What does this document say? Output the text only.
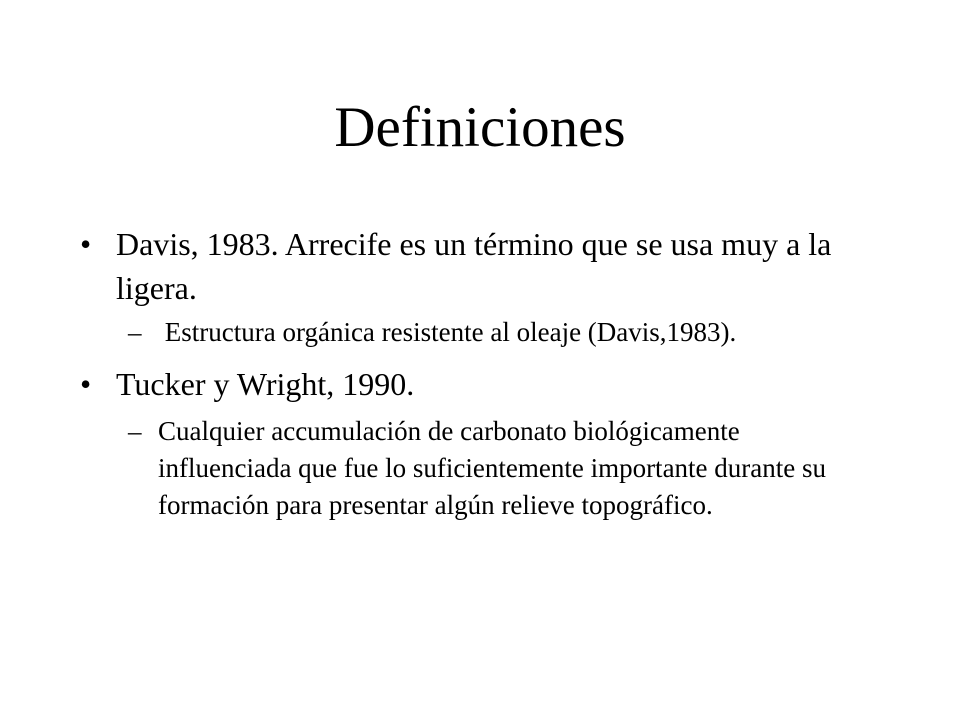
Definiciones
• Davis, 1983. Arrecife es un término que se usa muy a la ligera.
– Estructura orgánica resistente al oleaje (Davis,1983).
• Tucker y Wright, 1990.
– Cualquier accumulación de carbonato biológicamente influenciada que fue lo suficientemente importante durante su formación para presentar algún relieve topográfico.
